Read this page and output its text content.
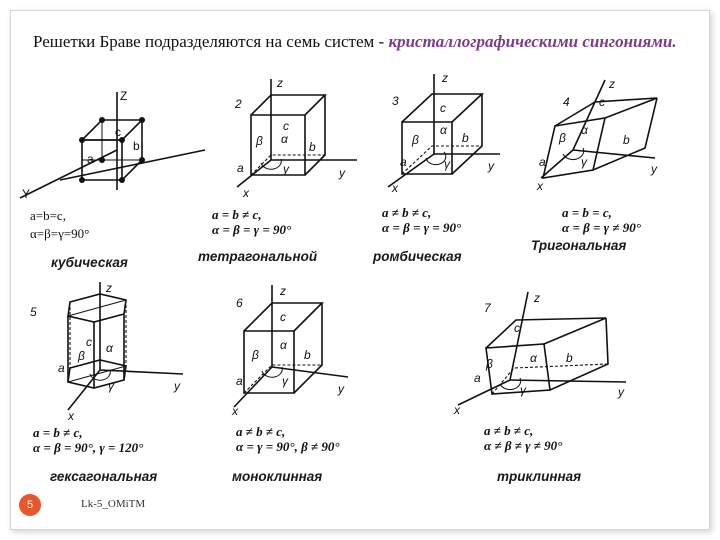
Решетки Браве подразделяются на семь систем - кристаллографическими сингониями.
Z
Y
a
b
c
a=b=c,
α=β=γ=90°
кубическая
2
z
y
x
a
b
c
α
β
γ
a = b ≠ c,
α = β = γ = 90°
тетрагональной
3
z
y
x
a
b
c
α
β
γ
a ≠ b ≠ c,
α = β = γ = 90°
ромбическая
4
z
y
x
a
b
c
α
β
γ
a = b = c,
α = β = γ ≠ 90°
Тригональная
5
z
y
x
a
c α
β
γ
a = b ≠ c,
α = β = 90°, γ = 120°
гексагональная
6
z
y
x
a
b
c
α
β
γ
a ≠ b ≠ c,
α = γ = 90°, β ≠ 90°
моноклинная
7
z
y
x
a
b
c
α
β
γ
a ≠ b ≠ c,
α ≠ β ≠ γ ≠ 90°
триклинная
5	Lk-5_OMiTM
